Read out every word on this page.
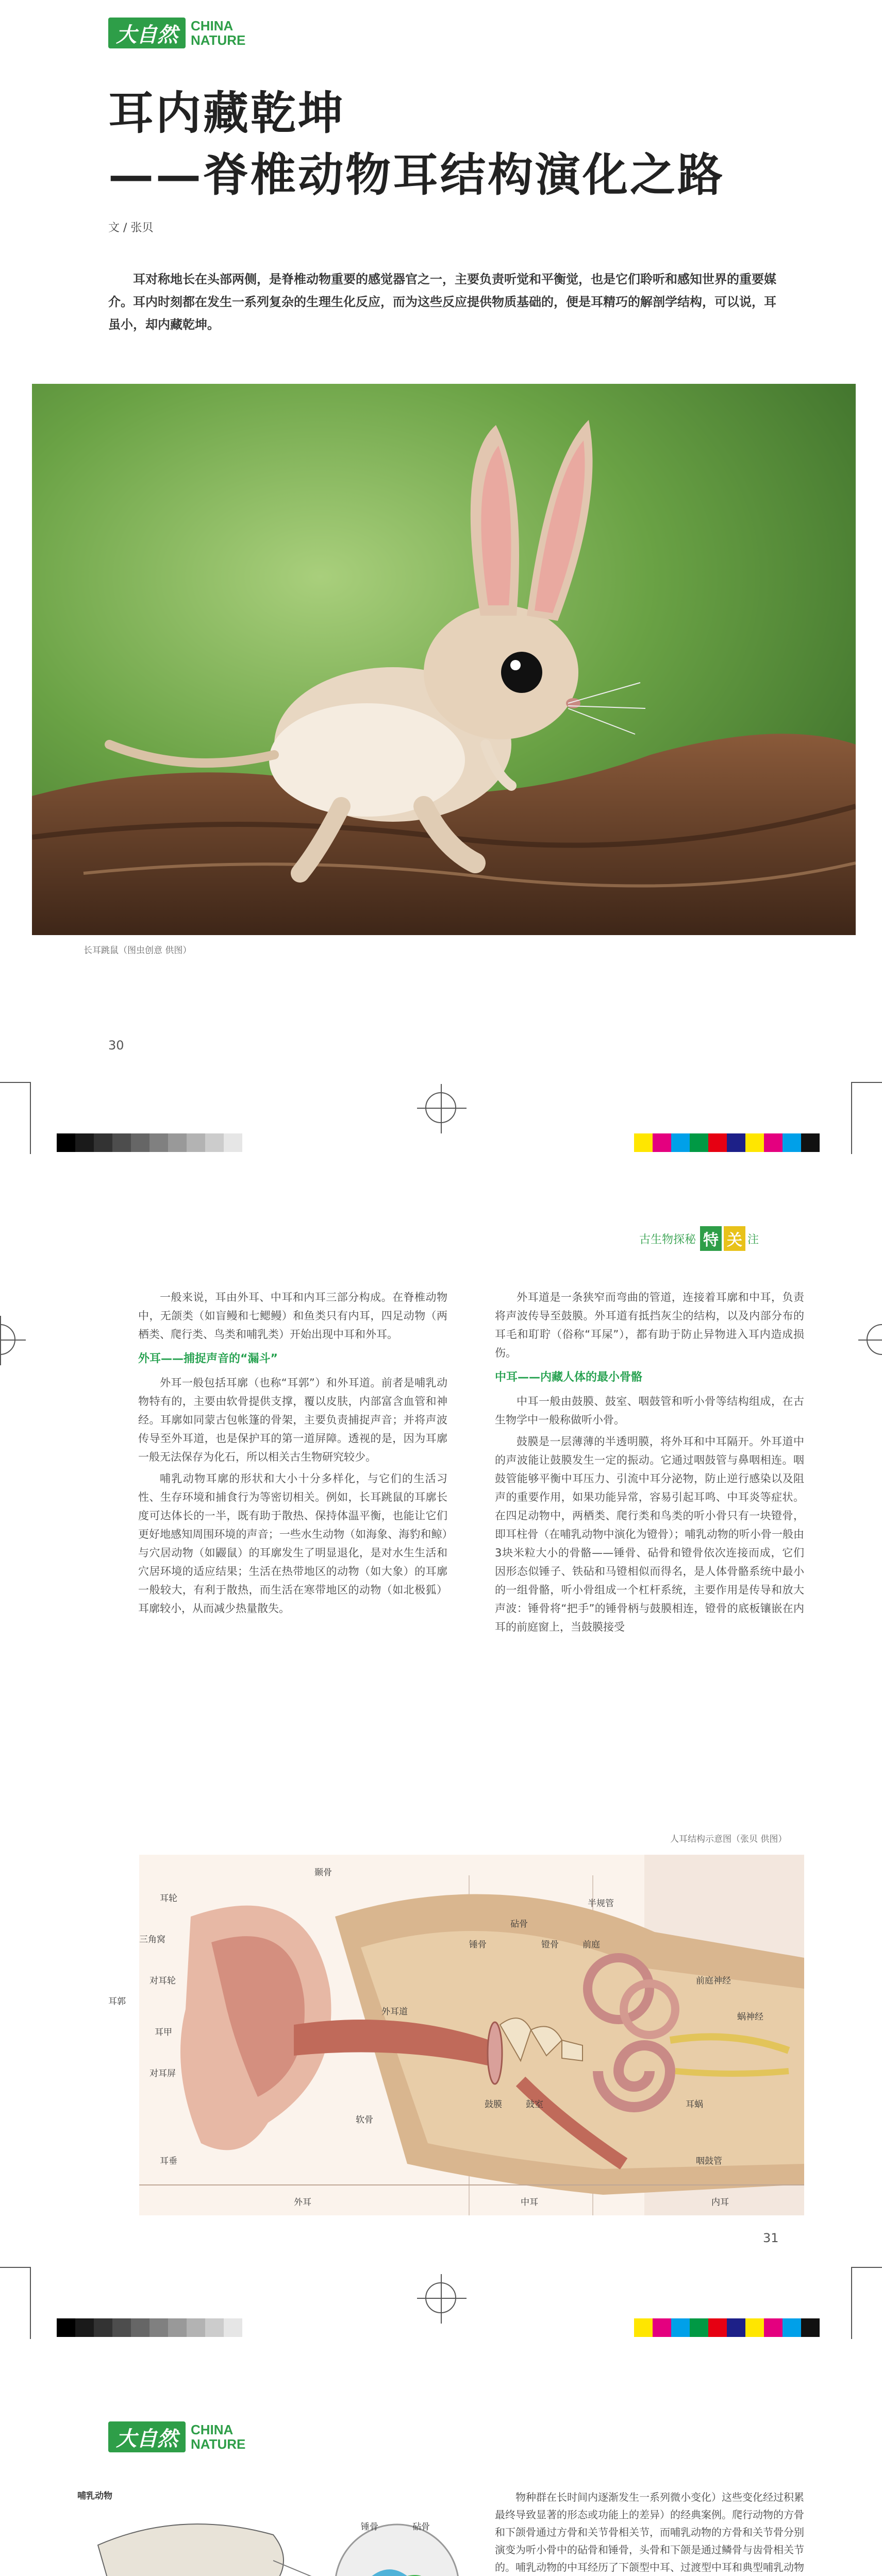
大自然 CHINA
NATURE
耳内藏乾坤
——脊椎动物耳结构演化之路
文 / 张贝
耳对称地长在头部两侧，是脊椎动物重要的感觉器官之一，主要负责听觉和平衡觉，也是它们聆听和感知世界的重要媒介。耳内时刻都在发生一系列复杂的生理生化反应，而为这些反应提供物质基础的，便是耳精巧的解剖学结构，可以说，耳虽小，却内藏乾坤。
长耳跳鼠（图虫创意 供图）
30
古生物探秘 特 关 注

一般来说，耳由外耳、中耳和内耳三部分构成。在脊椎动物中，无颌类（如盲鳗和七鳃鳗）和鱼类只有内耳，四足动物（两栖类、爬行类、鸟类和哺乳类）开始出现中耳和外耳。

外耳——捕捉声音的“漏斗”

外耳一般包括耳廓（也称“耳郭”）和外耳道。前者是哺乳动物特有的，主要由软骨提供支撑，覆以皮肤，内部富含血管和神经。耳廓如同蒙古包帐篷的骨架，主要负责捕捉声音；并将声波传导至外耳道，也是保护耳的第一道屏障。透视的是，因为耳廓一般无法保存为化石，所以相关古生物研究较少。

哺乳动物耳廓的形状和大小十分多样化，与它们的生活习性、生存环境和捕食行为等密切相关。例如，长耳跳鼠的耳廓长度可达体长的一半，既有助于散热、保持体温平衡，也能让它们更好地感知周围环境的声音；一些水生动物（如海象、海豹和鲸）与穴居动物（如鼹鼠）的耳廓发生了明显退化，是对水生生活和穴居环境的适应结果；生活在热带地区的动物（如大象）的耳廓一般较大，有利于散热，而生活在寒带地区的动物（如北极狐）耳廓较小，从而减少热量散失。

外耳道是一条狭窄而弯曲的管道，连接着耳廓和中耳，负责将声波传导至鼓膜。外耳道有抵挡灰尘的结构，以及内部分布的耳毛和耵聍（俗称“耳屎”），都有助于防止异物进入耳内造成损伤。

中耳——内藏人体的最小骨骼

中耳一般由鼓膜、鼓室、咽鼓管和听小骨等结构组成，在古生物学中一般称做听小骨。

鼓膜是一层薄薄的半透明膜，将外耳和中耳隔开。外耳道中的声波能让鼓膜发生一定的振动。它通过咽鼓管与鼻咽相连。咽鼓管能够平衡中耳压力、引流中耳分泌物，防止逆行感染以及阻声的重要作用，如果功能异常，容易引起耳鸣、中耳炎等症状。在四足动物中，两栖类、爬行类和鸟类的听小骨只有一块镫骨，即耳柱骨（在哺乳动物中演化为镫骨）；哺乳动物的听小骨一般由3块米粒大小的骨骼——锤骨、砧骨和镫骨依次连接而成，它们因形态似锤子、铁砧和马镫相似而得名，是人体骨骼系统中最小的一组骨骼，听小骨组成一个杠杆系统，主要作用是传导和放大声波：锤骨将“把手”的锤骨柄与鼓膜相连，镫骨的底板镶嵌在内耳的前庭窗上，当鼓膜接受

人耳结构示意图（张贝 供图）
耳轮
对耳轮
三角窝
耳甲
耳郭
对耳屏
耳垂
颞骨
软骨
外耳道
锤骨
砧骨
镫骨
半规管
前庭
耳蜗
前庭神经
蜗神经
鼓膜	鼓室
咽鼓管
外耳	中耳	内耳
31
大自然 CHINA
NATURE
哺乳动物
锤骨	砧骨

物种群在长时间内逐渐发生一系列微小变化）这些变化经过积累最终导致显著的形态或功能上的差异）的经典案例。爬行动物的方骨和下颌骨通过方骨和关节骨相关节，而哺乳动物的方骨和关节骨分别演变为听小骨中的砧骨和锤骨，头骨和下颌是通过鳞骨与齿骨相关节的。哺乳动物的中耳经历了下颌型中耳、过渡型中耳和典型哺乳动物
